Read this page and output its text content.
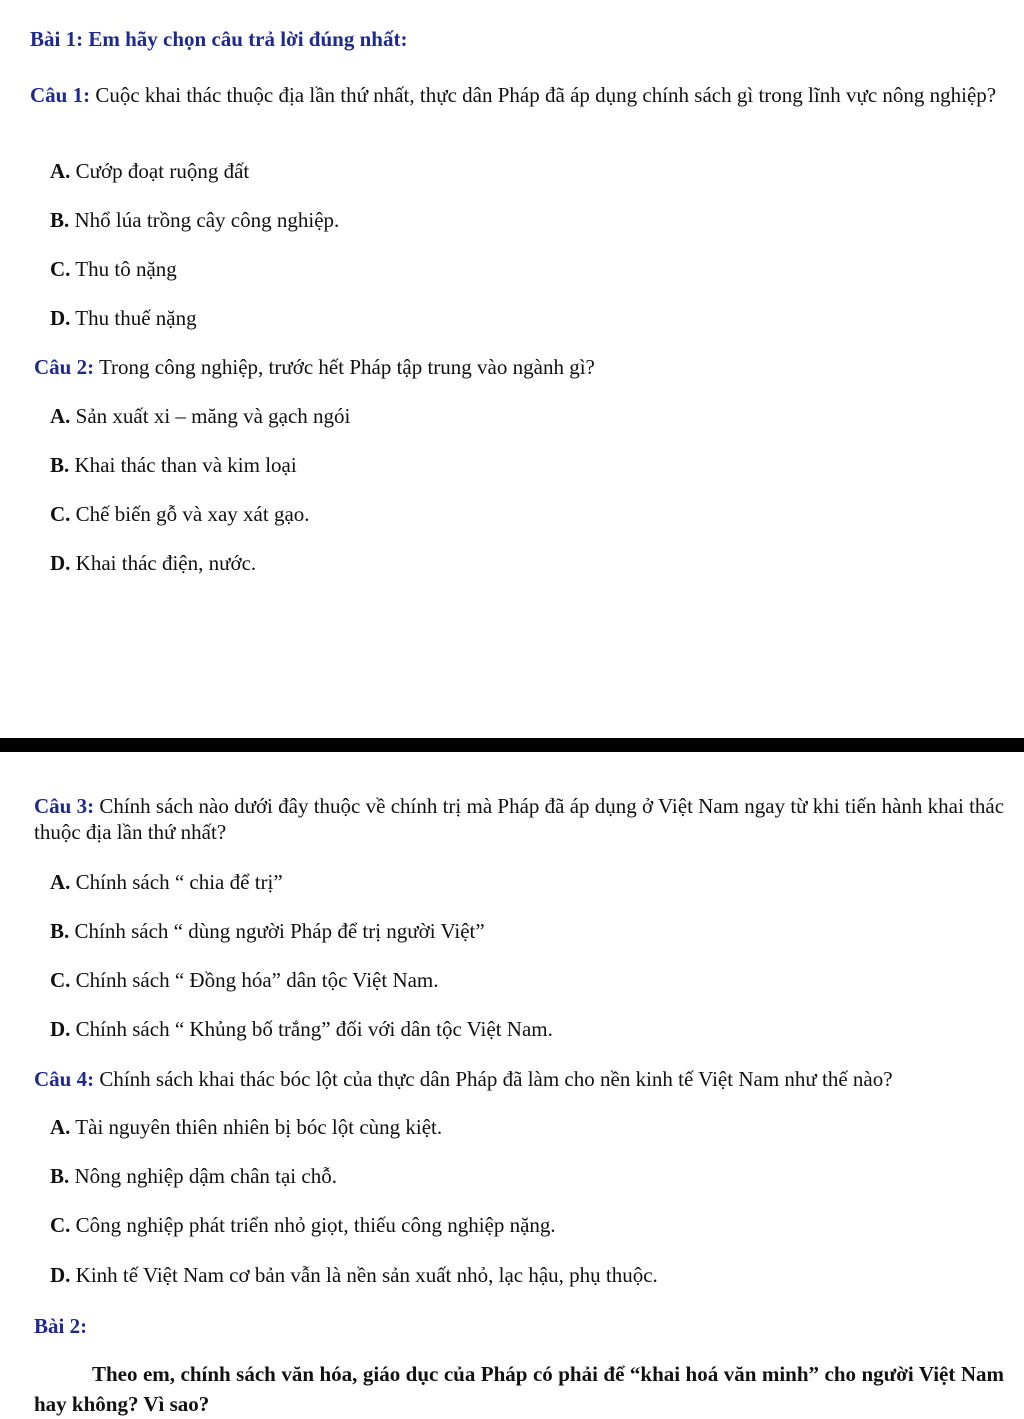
Bài 1: Em hãy chọn câu trả lời đúng nhất:
Câu 1: Cuộc khai thác thuộc địa lần thứ nhất, thực dân Pháp đã áp dụng chính sách gì trong lĩnh vực nông nghiệp?
A. Cướp đoạt ruộng đất
B. Nhổ lúa trồng cây công nghiệp.
C. Thu tô nặng
D. Thu thuế nặng
Câu 2: Trong công nghiệp, trước hết Pháp tập trung vào ngành gì?
A. Sản xuất xi – măng và gạch ngói
B. Khai thác than và kim loại
C. Chế biến gỗ và xay xát gạo.
D. Khai thác điện, nước.
Câu 3: Chính sách nào dưới đây thuộc về chính trị mà Pháp đã áp dụng ở Việt Nam ngay từ khi tiến hành khai thác thuộc địa lần thứ nhất?
A. Chính sách “ chia để trị”
B. Chính sách “ dùng người Pháp để trị người Việt”
C. Chính sách “ Đồng hóa” dân tộc Việt Nam.
D. Chính sách “ Khủng bố trắng” đối với dân tộc Việt Nam.
Câu 4: Chính sách khai thác bóc lột của thực dân Pháp đã làm cho nền kinh tế Việt Nam như thế nào?
A. Tài nguyên thiên nhiên bị bóc lột cùng kiệt.
B. Nông nghiệp dậm chân tại chỗ.
C. Công nghiệp phát triển nhỏ giọt, thiếu công nghiệp nặng.
D. Kinh tế Việt Nam cơ bản vẫn là nền sản xuất nhỏ, lạc hậu, phụ thuộc.
Bài 2:
Theo em, chính sách văn hóa, giáo dục của Pháp có phải để “khai hoá văn minh” cho người Việt Nam hay không? Vì sao?
